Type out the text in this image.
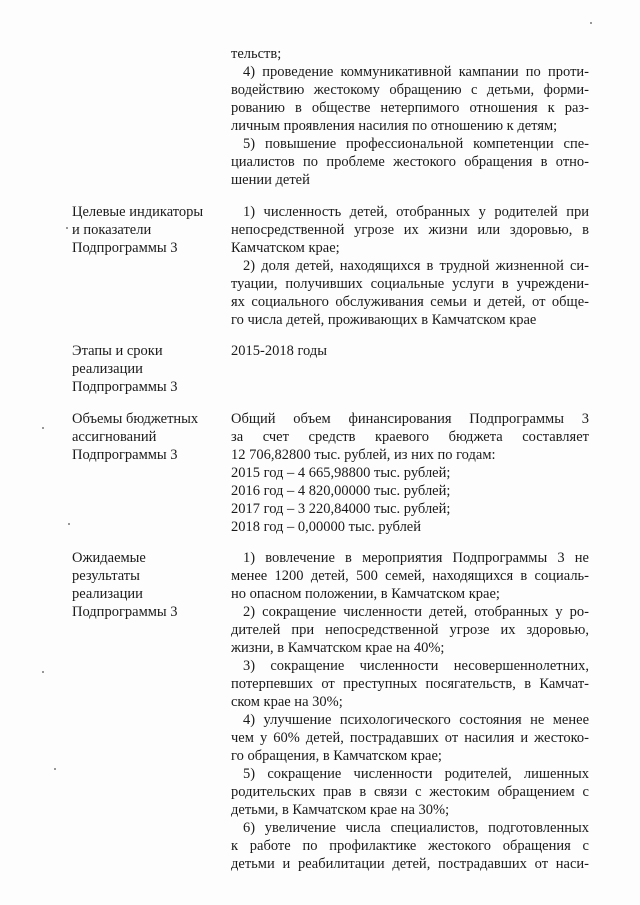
тельств;
4) проведение коммуникативной кампании по проти-
водействию жестокому обращению с детьми, форми-
рованию в обществе нетерпимого отношения к раз-
личным проявления насилия по отношению к детям;
5) повышение профессиональной компетенции спе-
циалистов по проблеме жестокого обращения в отно-
шении детей
Целевые индикаторы
и показатели
Подпрограммы 3
1) численность детей, отобранных у родителей при
непосредственной угрозе их жизни или здоровью, в
Камчатском крае;
2) доля детей, находящихся в трудной жизненной си-
туации, получивших социальные услуги в учреждени-
ях социального обслуживания семьи и детей, от обще-
го числа детей, проживающих в Камчатском крае
Этапы и сроки
реализации
Подпрограммы 3
2015-2018 годы
Объемы бюджетных
ассигнований
Подпрограммы 3
Общий объем финансирования Подпрограммы 3
за счет средств краевого бюджета составляет
12 706,82800 тыс. рублей, из них по годам:
2015 год – 4 665,98800 тыс. рублей;
2016 год – 4 820,00000 тыс. рублей;
2017 год – 3 220,84000 тыс. рублей;
2018 год – 0,00000 тыс. рублей
Ожидаемые
результаты
реализации
Подпрограммы 3
1) вовлечение в мероприятия Подпрограммы 3 не
менее 1200 детей, 500 семей, находящихся в социаль-
но опасном положении, в Камчатском крае;
2) сокращение численности детей, отобранных у ро-
дителей при непосредственной угрозе их здоровью,
жизни, в Камчатском крае на 40%;
3) сокращение численности несовершеннолетних,
потерпевших от преступных посягательств, в Камчат-
ском крае на 30%;
4) улучшение психологического состояния не менее
чем у 60% детей, пострадавших от насилия и жестоко-
го обращения, в Камчатском крае;
5) сокращение численности родителей, лишенных
родительских прав в связи с жестоким обращением с
детьми, в Камчатском крае на 30%;
6) увеличение числа специалистов, подготовленных
к работе по профилактике жестокого обращения с
детьми и реабилитации детей, пострадавших от наси-
